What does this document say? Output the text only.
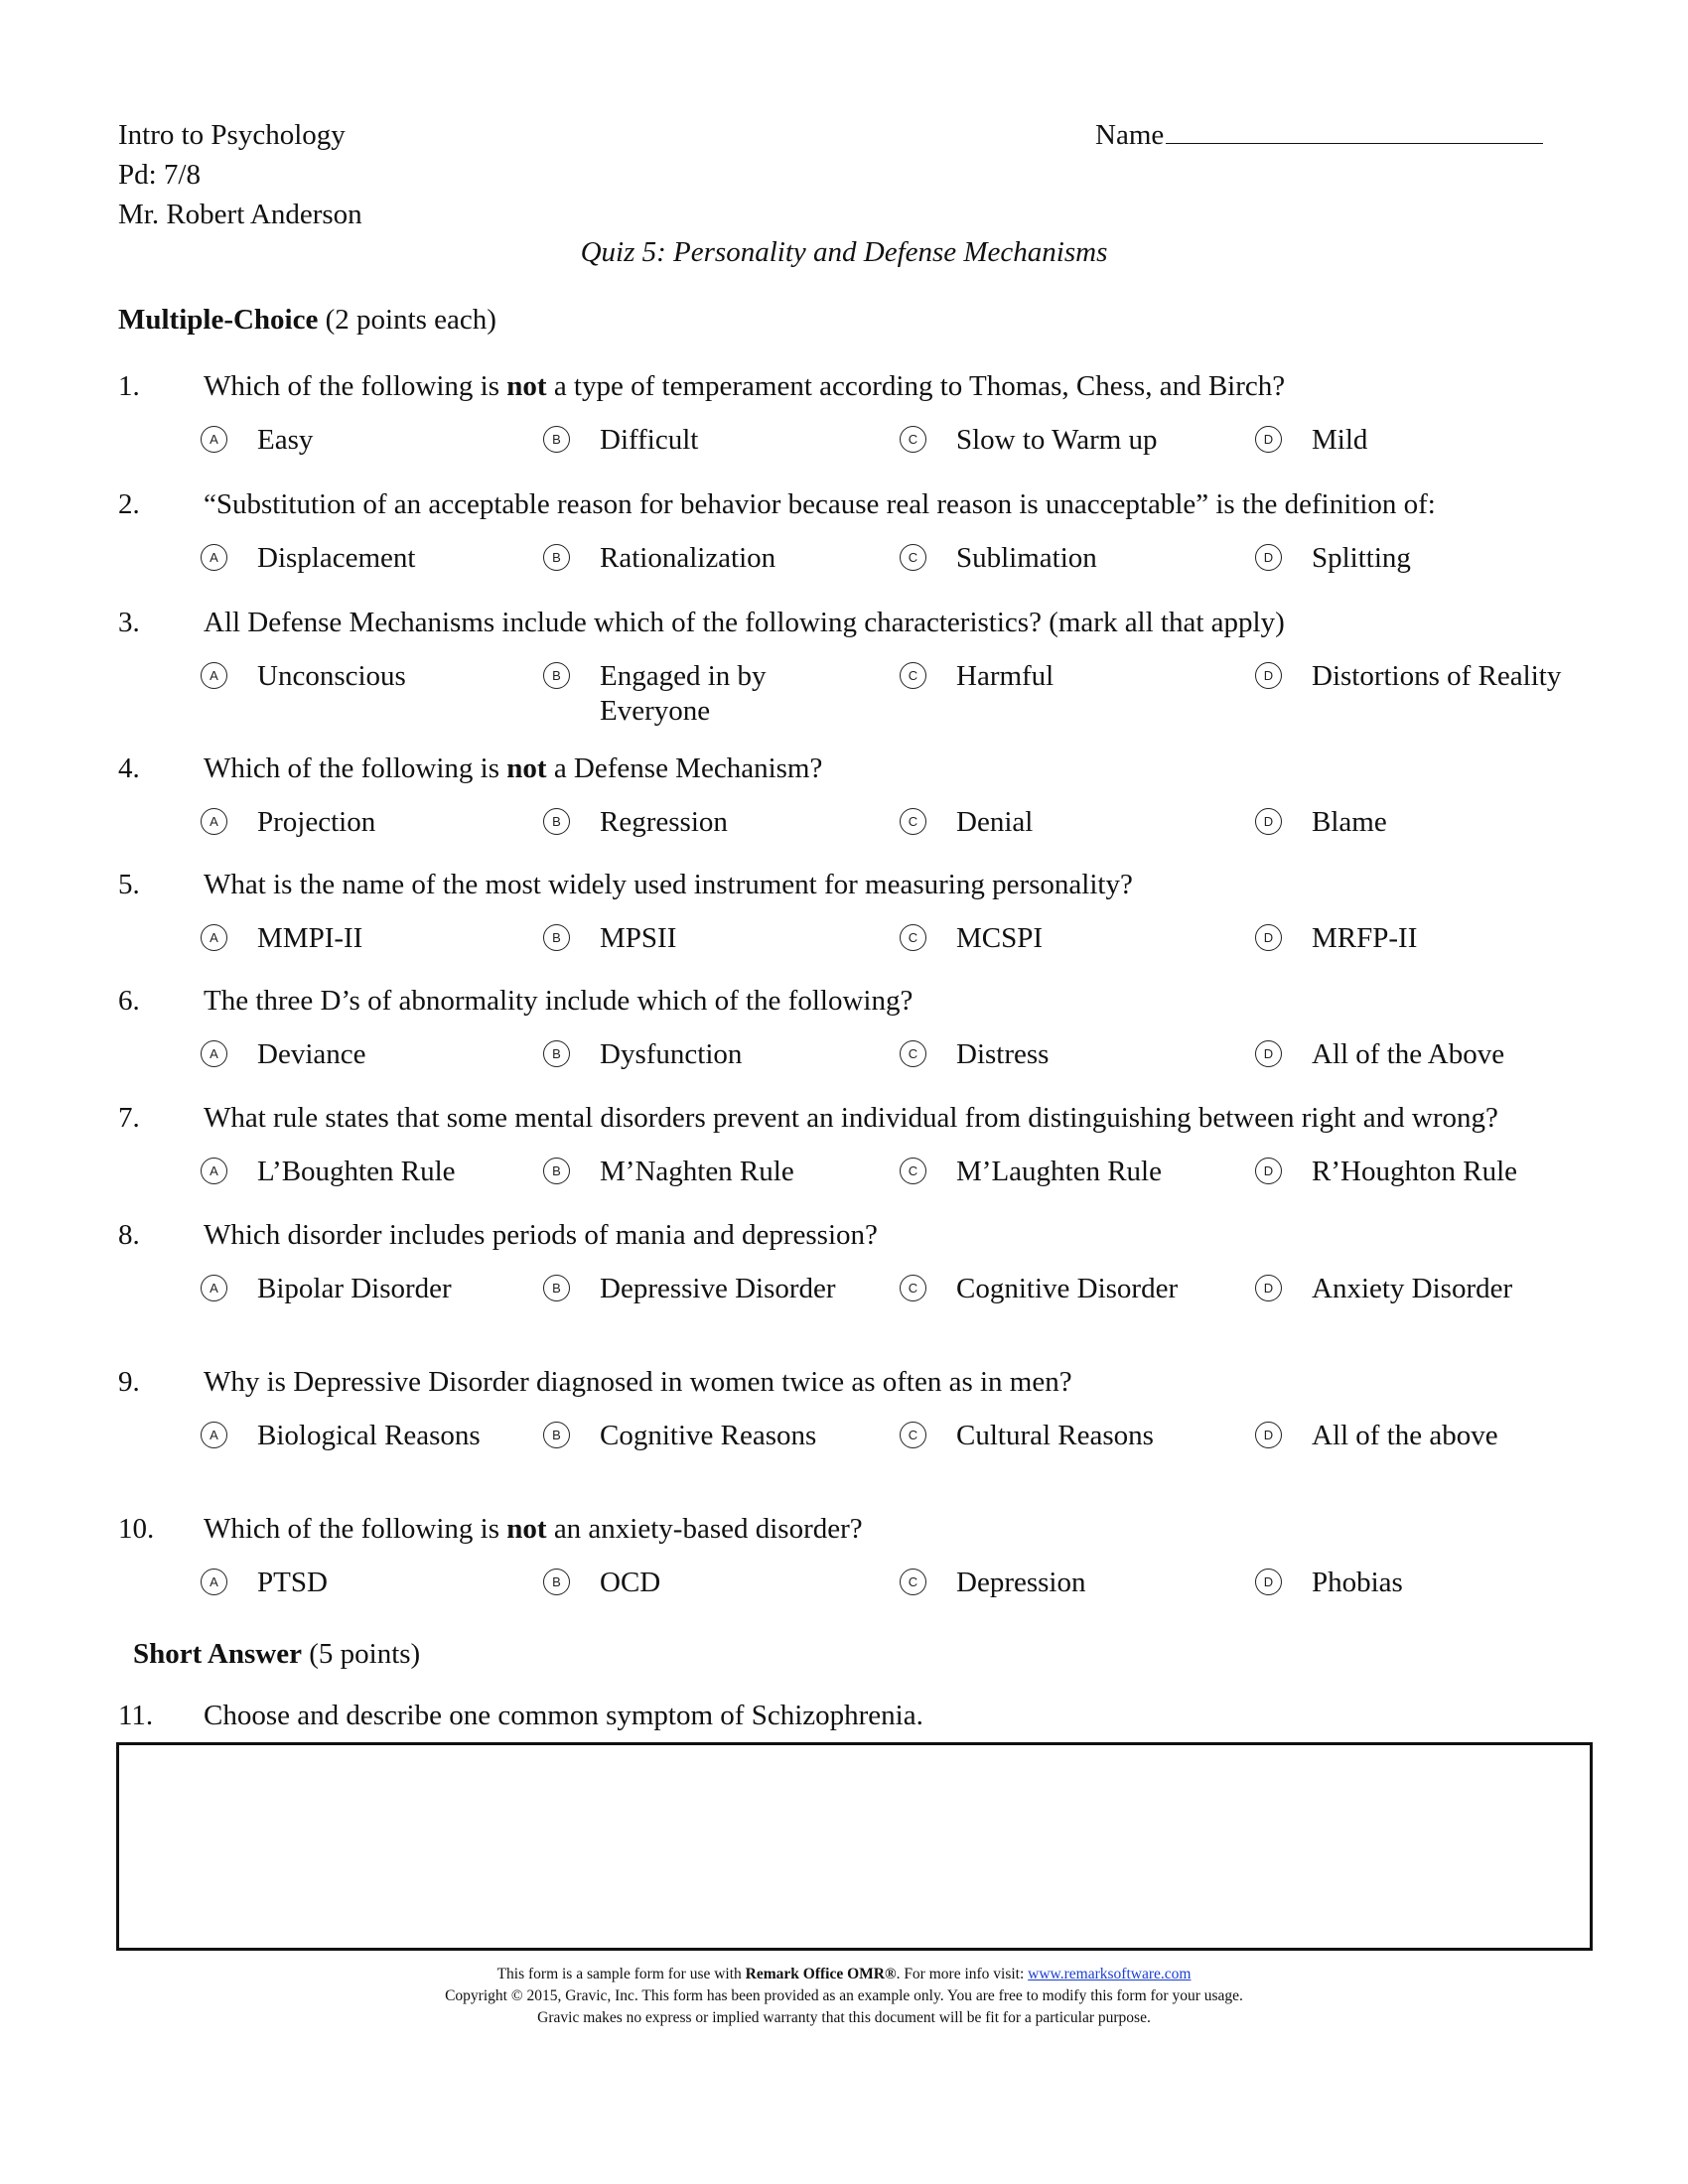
Intro to Psychology
Pd: 7/8
Mr. Robert Anderson
Name
Quiz 5: Personality and Defense Mechanisms
Multiple-Choice (2 points each)
1. Which of the following is not a type of temperament according to Thomas, Chess, and Birch?
A	Easy	B	Difficult	C	Slow to Warm up	D	Mild
2. “Substitution of an acceptable reason for behavior because real reason is unacceptable” is the definition of:
A	Displacement	B	Rationalization	C	Sublimation	D	Splitting
3. All Defense Mechanisms include which of the following characteristics? (mark all that apply)
A	Unconscious	B	Engaged in by Everyone
C	Harmful	D	Distortions of Reality
4. Which of the following is not a Defense Mechanism?
A	Projection	B	Regression	C	Denial	D	Blame
5. What is the name of the most widely used instrument for measuring personality?
A	MMPI-II	B	MPSII	C	MCSPI	D	MRFP-II
6. The three D’s of abnormality include which of the following?
A	Deviance	B	Dysfunction	C	Distress	D	All of the Above
7. What rule states that some mental disorders prevent an individual from distinguishing between right and wrong?
A	L’Boughten Rule	B	M’Naghten Rule	C	M’Laughten Rule	D	R’Houghton Rule
8. Which disorder includes periods of mania and depression?
A	Bipolar Disorder	B	Depressive Disorder	C	Cognitive Disorder	D	Anxiety Disorder
9. Why is Depressive Disorder diagnosed in women twice as often as in men?
A	Biological Reasons	B	Cognitive Reasons	C	Cultural Reasons	D	All of the above
10. Which of the following is not an anxiety-based disorder?
A	PTSD	B	OCD	C	Depression	D	Phobias
Short Answer (5 points)
11. Choose and describe one common symptom of Schizophrenia.
This form is a sample form for use with Remark Office OMR®. For more info visit: www.remarksoftware.com
Copyright © 2015, Gravic, Inc. This form has been provided as an example only. You are free to modify this form for your usage.
Gravic makes no express or implied warranty that this document will be fit for a particular purpose.
